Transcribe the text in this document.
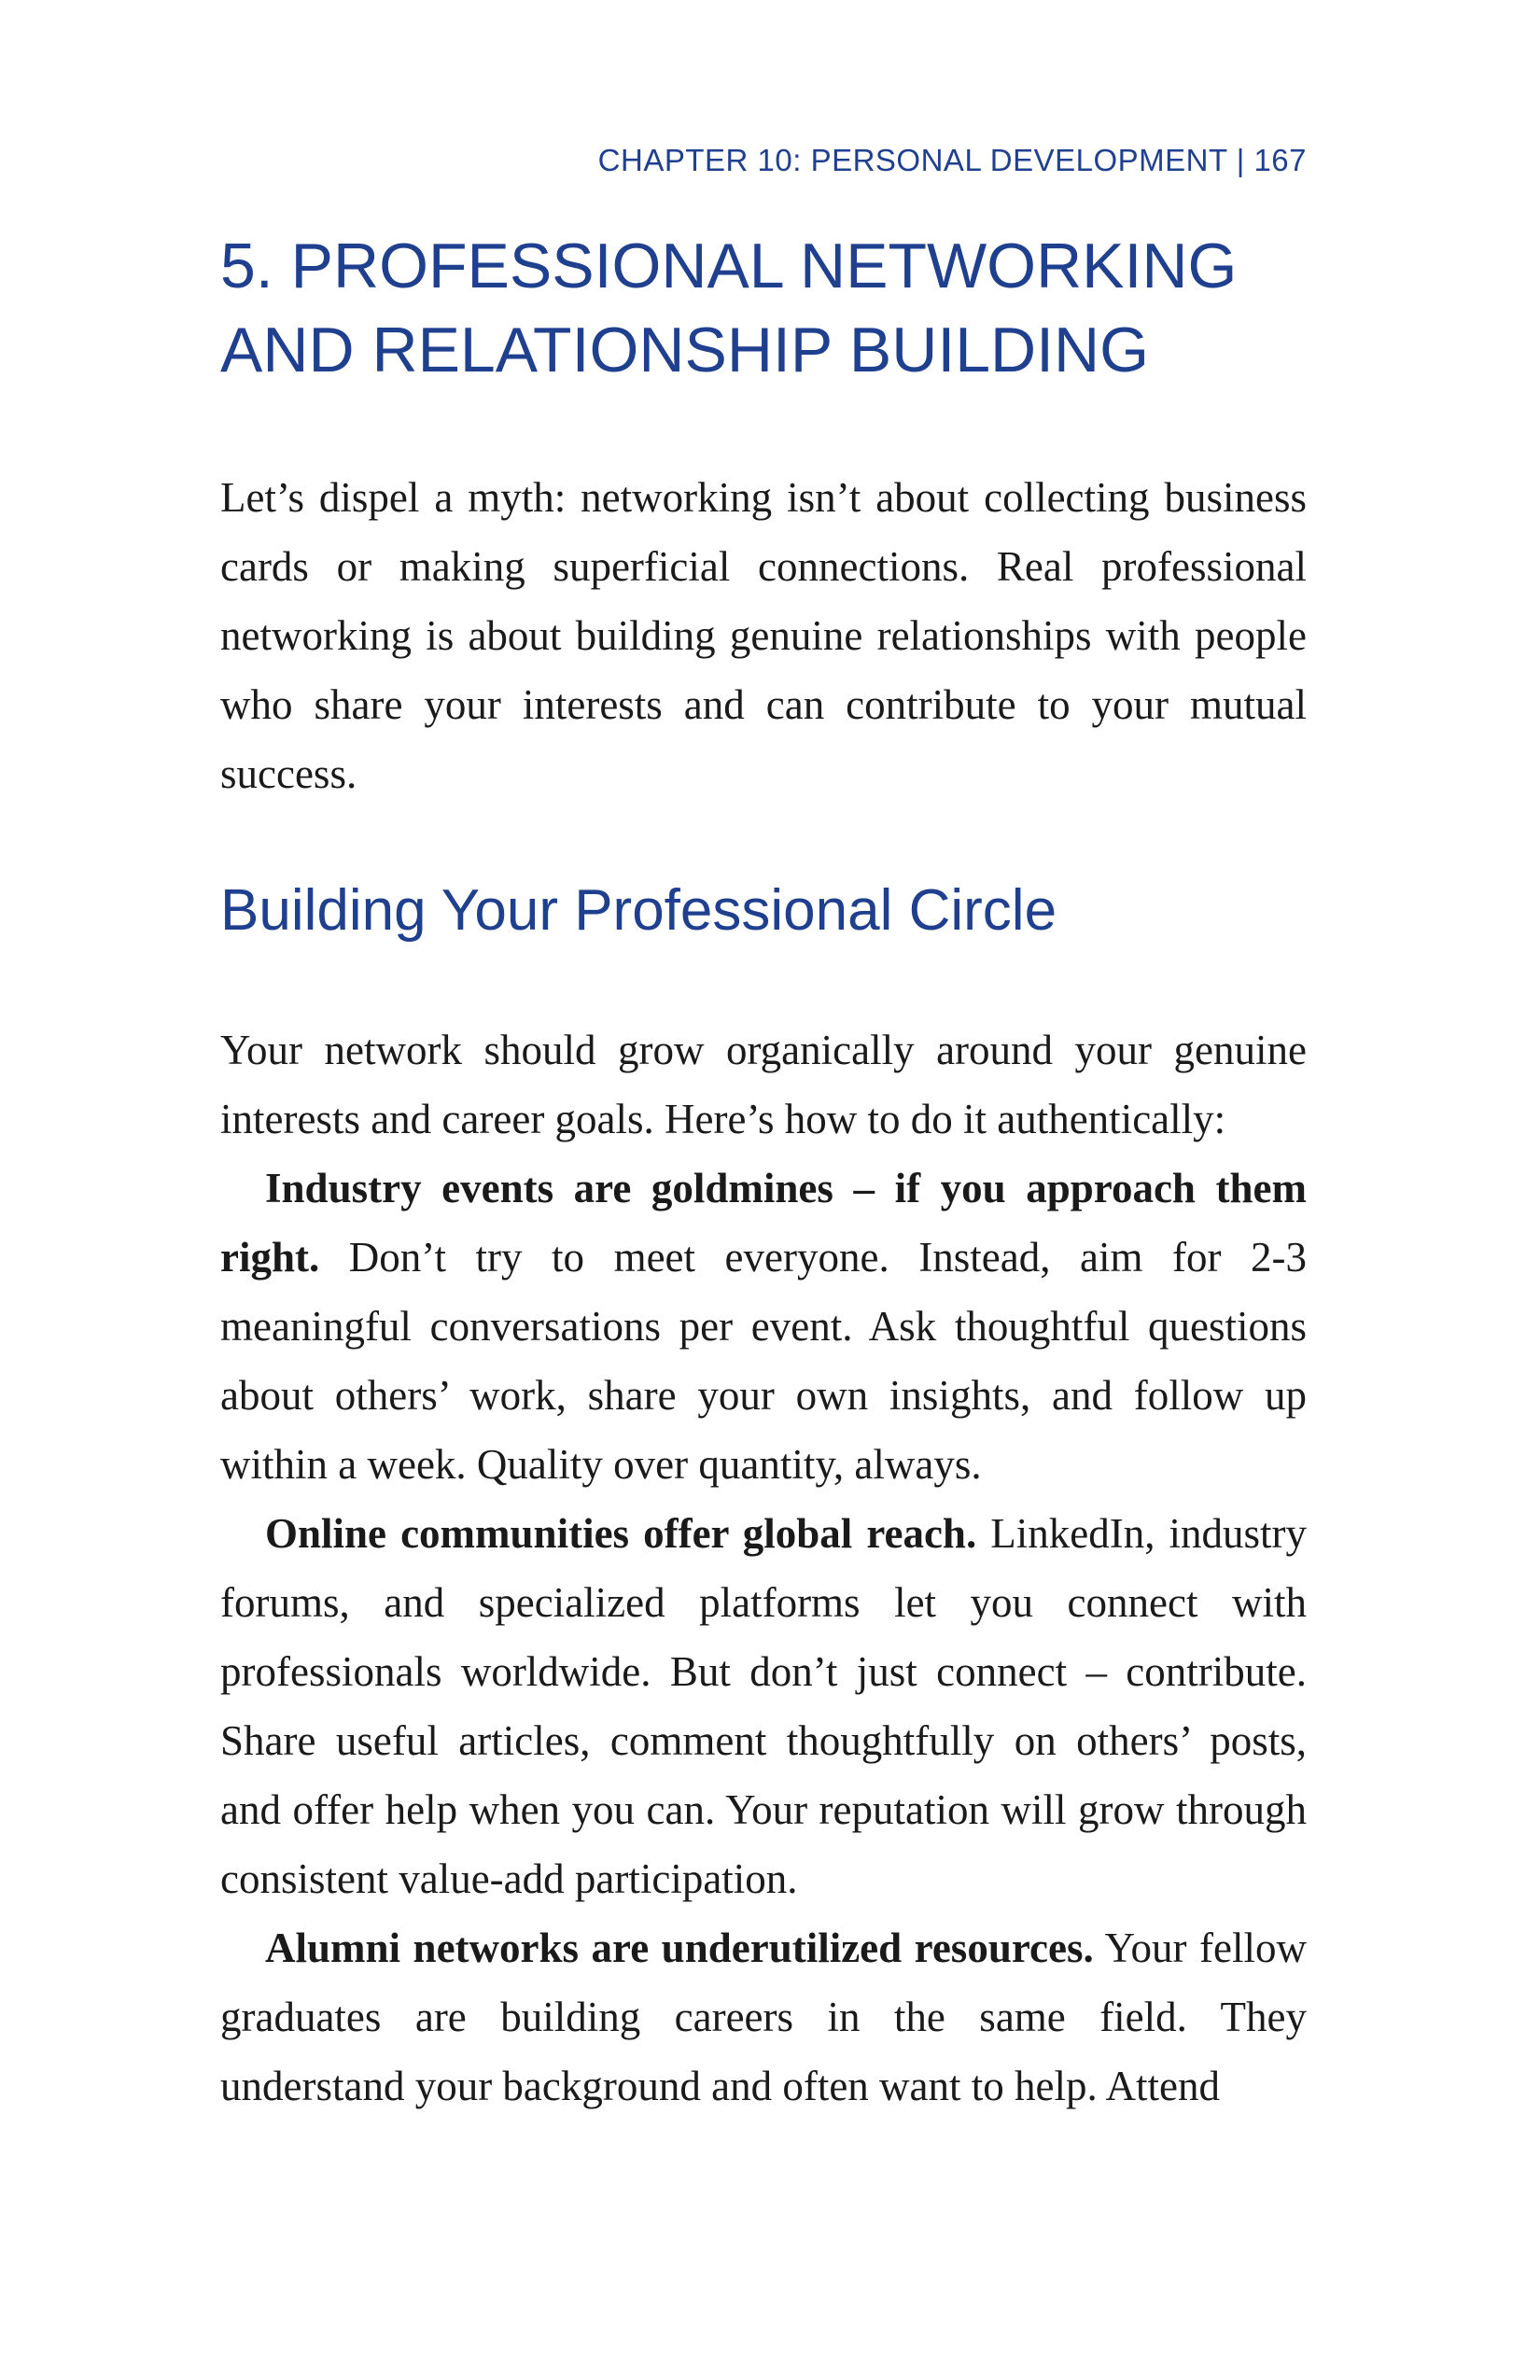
CHAPTER 10: PERSONAL DEVELOPMENT | 167
5. PROFESSIONAL NETWORKING AND RELATIONSHIP BUILDING

Let’s dispel a myth: networking isn’t about collecting business cards or making superficial connections. Real professional networking is about building genuine relationships with people who share your interests and can contribute to your mutual success.

Building Your Professional Circle

Your network should grow organically around your genuine interests and career goals. Here’s how to do it authentically:

Industry events are goldmines – if you approach them right. Don’t try to meet everyone. Instead, aim for 2-3 meaningful conversations per event. Ask thoughtful questions about others’ work, share your own insights, and follow up within a week. Quality over quantity, always.

Online communities offer global reach. LinkedIn, industry forums, and specialized platforms let you connect with professionals worldwide. But don’t just connect – contribute. Share useful articles, comment thoughtfully on others’ posts, and offer help when you can. Your reputation will grow through consistent value-add participation.

Alumni networks are underutilized resources. Your fellow graduates are building careers in the same field. They understand your background and often want to help. Attend
